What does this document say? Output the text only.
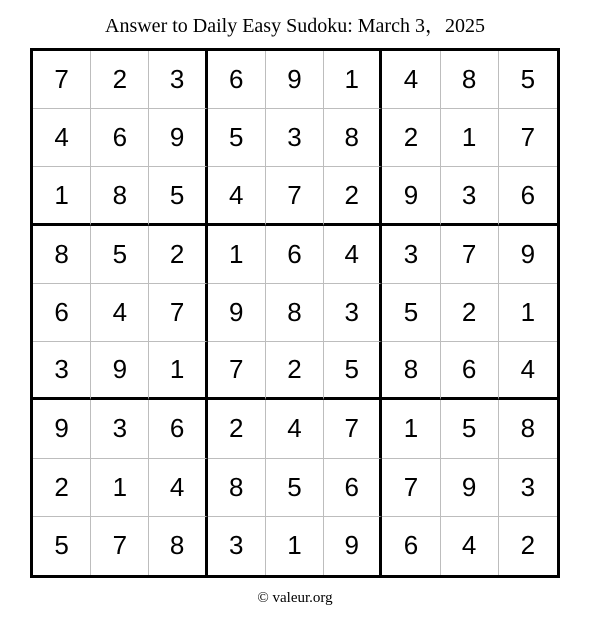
Answer to Daily Easy Sudoku: March 3，2025
7	2	3	6	9	1	4	8	5
4	6	9	5	3	8	2	1	7
1	8	5	4	7	2	9	3	6
8	5	2	1	6	4	3	7	9
6	4	7	9	8	3	5	2	1
3	9	1	7	2	5	8	6	4
9	3	6	2	4	7	1	5	8
2	1	4	8	5	6	7	9	3
5	7	8	3	1	9	6	4	2
© valeur.org
